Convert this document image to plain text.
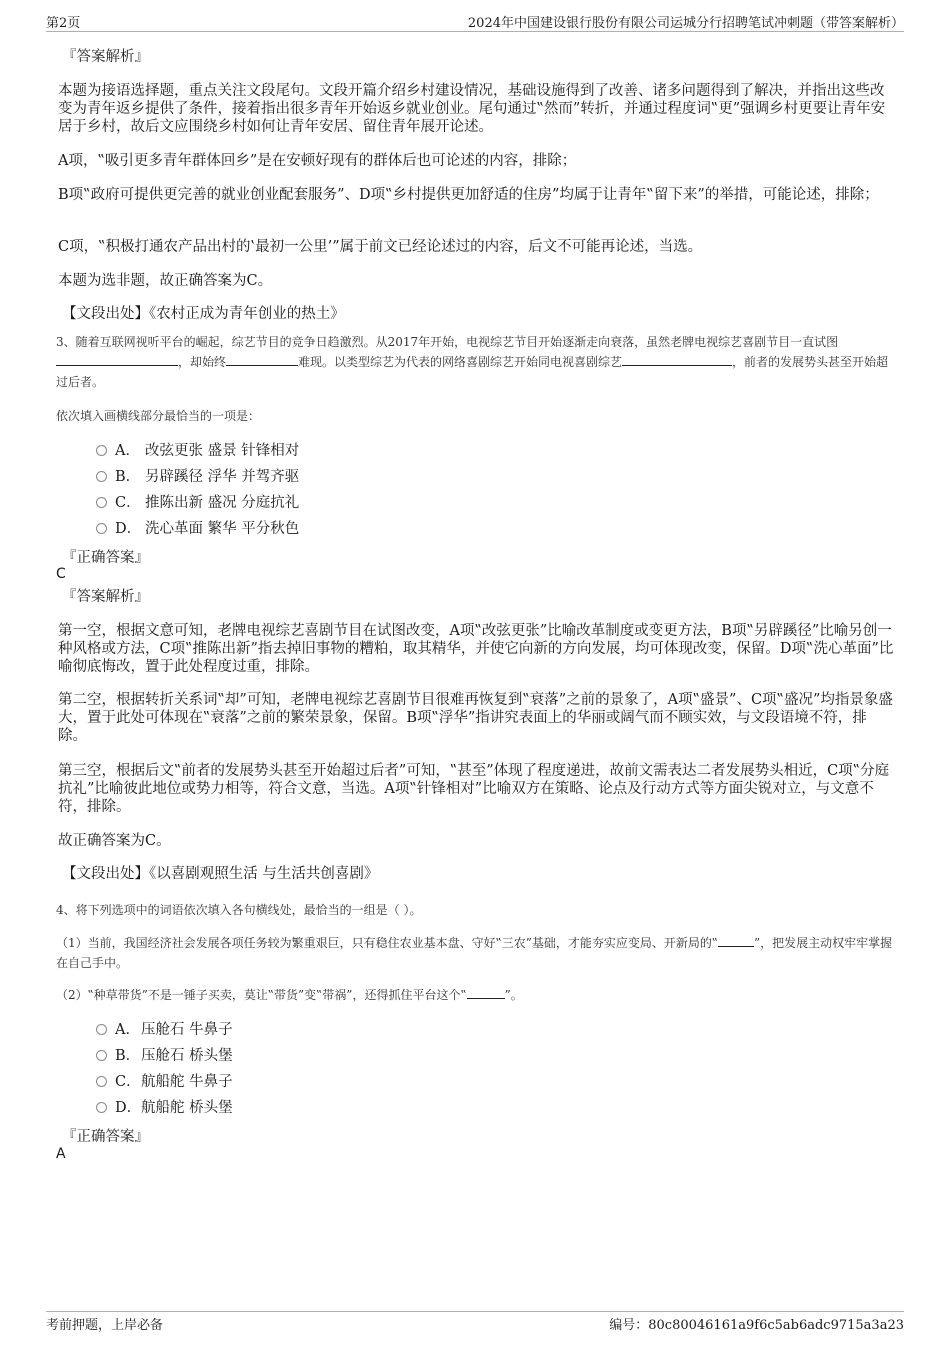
第2页	2024年中国建设银行股份有限公司运城分行招聘笔试冲刺题（带答案解析）
『答案解析』

本题为接语选择题，重点关注文段尾句。文段开篇介绍乡村建设情况，基础设施得到了改善、诸多问题得到了解决，并指出这些改变为青年返乡提供了条件，接着指出很多青年开始返乡就业创业。尾句通过‟然而”转折，并通过程度词‟更”强调乡村更要让青年安居于乡村，故后文应围绕乡村如何让青年安居、留住青年展开论述。

A项，‟吸引更多青年群体回乡”是在安顿好现有的群体后也可论述的内容，排除；

B项‟政府可提供更完善的就业创业配套服务”、D项‟乡村提供更加舒适的住房”均属于让青年‟留下来”的举措，可能论述，排除；

C项，‟积极打通农产品出村的‛最初一公里’”属于前文已经论述过的内容，后文不可能再论述，当选。

本题为选非题，故正确答案为C。

【文段出处】《农村正成为青年创业的热土》

3、随着互联网视听平台的崛起，综艺节目的竞争日趋激烈。从2017年开始，电视综艺节目开始逐渐走向衰落，虽然老牌电视综艺喜剧节目一直试图，却始终	难现。以类型综艺为代表的网络喜剧综艺开始同电视喜剧综艺	，前者的发展势头甚至开始超过后者。

依次填入画横线部分最恰当的一项是：

A． 改弦更张 盛景 针锋相对
B． 另辟蹊径 浮华 并驾齐驱
C． 推陈出新 盛况 分庭抗礼
D． 洗心革面 繁华 平分秋色
『正确答案』
C
『答案解析』

第一空，根据文意可知，老牌电视综艺喜剧节目在试图改变，A项‟改弦更张”比喻改革制度或变更方法，B项‟另辟蹊径”比喻另创一种风格或方法，C项‟推陈出新”指去掉旧事物的糟粕，取其精华，并使它向新的方向发展，均可体现改变，保留。D项‟洗心革面”比喻彻底悔改，置于此处程度过重，排除。

第二空，根据转折关系词‟却”可知，老牌电视综艺喜剧节目很难再恢复到‟衰落”之前的景象了，A项‟盛景”、C项‟盛况”均指景象盛大，置于此处可体现在‟衰落”之前的繁荣景象，保留。B项‟浮华”指讲究表面上的华丽或阔气而不顾实效，与文段语境不符，排除。

第三空，根据后文‟前者的发展势头甚至开始超过后者”可知，‟甚至”体现了程度递进，故前文需表达二者发展势头相近，C项‟分庭抗礼”比喻彼此地位或势力相等，符合文意，当选。A项‟针锋相对”比喻双方在策略、论点及行动方式等方面尖锐对立，与文意不符，排除。

故正确答案为C。

【文段出处】《以喜剧观照生活 与生活共创喜剧》

4、将下列选项中的词语依次填入各句横线处，最恰当的一组是（ ）。

（1）当前，我国经济社会发展各项任务较为繁重艰巨，只有稳住农业基本盘、守好‟三农”基础，才能夯实应变局、开新局的‟	”，把发展主动权牢牢掌握在自己手中。

（2）‟种草带货”不是一锤子买卖，莫让‟带货”变‟带祸”，还得抓住平台这个‟	”。

A．压舱石 牛鼻子
B．压舱石 桥头堡
C．航船舵 牛鼻子
D．航船舵 桥头堡
『正确答案』
A
考前押题，上岸必备	编号：80c80046161a9f6c5ab6adc9715a3a23
